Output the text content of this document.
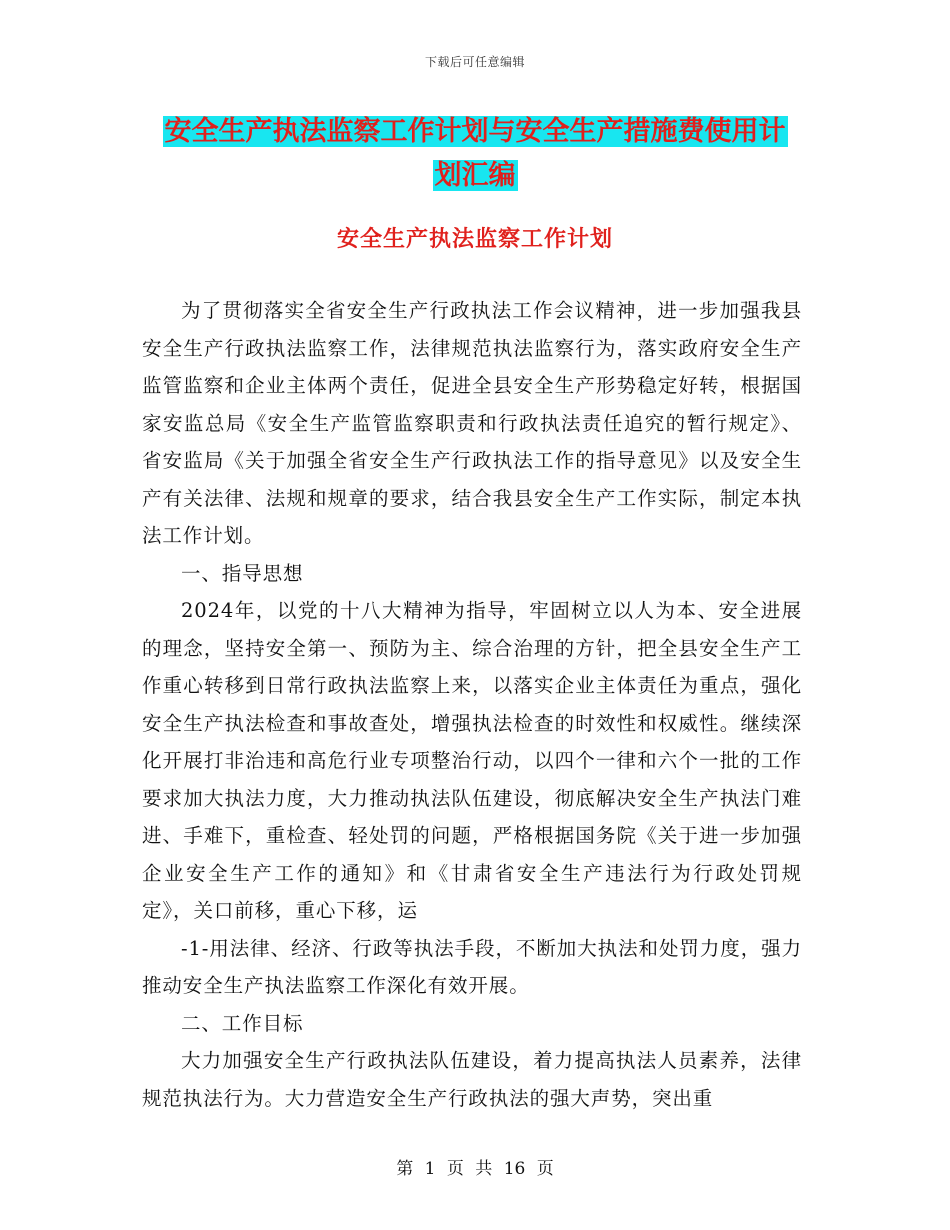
下载后可任意编辑
安全生产执法监察工作计划与安全生产措施费使用计
划汇编
安全生产执法监察工作计划

为了贯彻落实全省安全生产行政执法工作会议精神，进一步加强我县安全生产行政执法监察工作，法律规范执法监察行为，落实政府安全生产监管监察和企业主体两个责任，促进全县安全生产形势稳定好转，根据国家安监总局《安全生产监管监察职责和行政执法责任追究的暂行规定》、省安监局《关于加强全省安全生产行政执法工作的指导意见》以及安全生产有关法律、法规和规章的要求，结合我县安全生产工作实际，制定本执法工作计划。

一、指导思想

2024年，以党的十八大精神为指导，牢固树立以人为本、安全进展的理念，坚持安全第一、预防为主、综合治理的方针，把全县安全生产工作重心转移到日常行政执法监察上来，以落实企业主体责任为重点，强化安全生产执法检查和事故查处，增强执法检查的时效性和权威性。继续深化开展打非治违和高危行业专项整治行动，以四个一律和六个一批的工作要求加大执法力度，大力推动执法队伍建设，彻底解决安全生产执法门难进、手难下，重检查、轻处罚的问题，严格根据国务院《关于进一步加强企业安全生产工作的通知》和《甘肃省安全生产违法行为行政处罚规定》，关口前移，重心下移，运

-1-用法律、经济、行政等执法手段，不断加大执法和处罚力度，强力推动安全生产执法监察工作深化有效开展。

二、工作目标

大力加强安全生产行政执法队伍建设，着力提高执法人员素养，法律规范执法行为。大力营造安全生产行政执法的强大声势，突出重

第 1 页 共 16 页
